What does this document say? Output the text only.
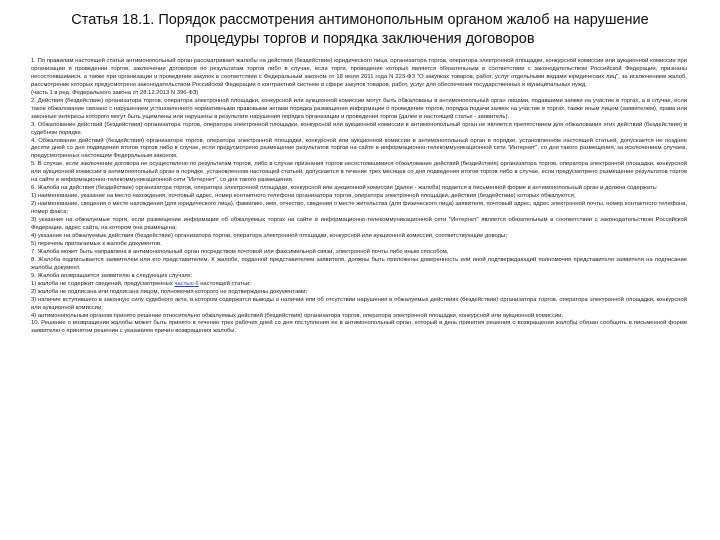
Статья 18.1. Порядок рассмотрения антимонопольным органом жалоб на нарушение процедуры торгов и порядка заключения договоров

1. По правилам настоящей статьи антимонопольный орган рассматривает жалобы на действия (бездействие) юридического лица, организатора торгов, оператора электронной площадки, конкурсной комиссии или аукционной комиссии при организации и проведении торгов, заключении договоров по результатам торгов либо в случае, если торги, проведение которых является обязательным в соответствии с законодательством Российской Федерации, признаны несостоявшимися, а также при организации и проведении закупок в соответствии с Федеральным законом от 18 июля 2011 года N 223-ФЗ "О закупках товаров, работ, услуг отдельными видами юридических лиц", за исключением жалоб, рассмотрение которых предусмотрено законодательством Российской Федерации о контрактной системе в сфере закупок товаров, работ, услуг для обеспечения государственных и муниципальных нужд.

(часть 1 в ред. Федерального закона от 28.12.2013 N 396-ФЗ)

2. Действия (бездействие) организатора торгов, оператора электронной площадки, конкурсной или аукционной комиссии могут быть обжалованы в антимонопольный орган лицами, подавшими заявки на участие в торгах, а в случае, если такое обжалование связано с нарушением установленного нормативными правовыми актами порядка размещения информации о проведении торгов, порядка подачи заявок на участие в торгах, также иным лицом (заявителем), права или законные интересы которого могут быть ущемлены или нарушены в результате нарушения порядка организации и проведения торгов (далее в настоящей статье - заявитель).

3. Обжалование действий (бездействия) организатора торгов, оператора электронной площадки, конкурсной или аукционной комиссии в антимонопольный орган не является препятствием для обжалования этих действий (бездействия) в судебном порядке.

4. Обжалование действий (бездействия) организатора торгов, оператора электронной площадки, конкурсной или аукционной комиссии в антимонопольный орган в порядке, установленном настоящей статьей, допускается не позднее десяти дней со дня подведения итогов торгов либо в случае, если предусмотрено размещение результатов торгов на сайте в информационно-телекоммуникационной сети "Интернет", со дня такого размещения, за исключением случаев, предусмотренных настоящим Федеральным законом.

5. В случае, если заключение договора не осуществлено по результатам торгов, либо в случае признания торгов несостоявшимися обжалование действий (бездействия) организатора торгов, оператора электронной площадки, конкурсной или аукционной комиссии в антимонопольный орган в порядке, установленном настоящей статьей, допускается в течение трех месяцев со дня подведения итогов торгов либо в случае, если предусмотрено размещение результатов торгов на сайте в информационно-телекоммуникационной сети "Интернет", со дня такого размещения.

6. Жалоба на действия (бездействие) организатора торгов, оператора электронной площадки, конкурсной или аукционной комиссии (далее - жалоба) подается в письменной форме в антимонопольный орган и должна содержать:

1) наименование, указание на место нахождения, почтовый адрес, номер контактного телефона организатора торгов, оператора электронной площадки, действия (бездействие) которых обжалуются;

2) наименование, сведения о месте нахождения (для юридического лица), фамилию, имя, отчество, сведения о месте жительства (для физического лица) заявителя, почтовый адрес, адрес электронной почты, номер контактного телефона, номер факса;

3) указание на обжалуемые торги, если размещение информации об обжалуемых торгах на сайте в информационно-телекоммуникационной сети "Интернет" является обязательным в соответствии с законодательством Российской Федерации, адрес сайта, на котором она размещена;

4) указание на обжалуемые действия (бездействие) организатора торгов, оператора электронной площадки, конкурсной или аукционной комиссии, соответствующие доводы;

5) перечень прилагаемых к жалобе документов.

7. Жалоба может быть направлена в антимонопольный орган посредством почтовой или факсимильной связи, электронной почты либо иным способом.

8. Жалоба подписывается заявителем или его представителем. К жалобе, поданной представителем заявителя, должны быть приложены доверенность или иной подтверждающий полномочия представителя заявителя на подписание жалобы документ.

9. Жалоба возвращается заявителю в следующих случаях:

1) жалоба не содержит сведений, предусмотренных частью 6 настоящей статьи;

2) жалоба не подписана или подписана лицом, полномочия которого не подтверждены документами;

3) наличие вступившего в законную силу судебного акта, в котором содержатся выводы о наличии или об отсутствии нарушения в обжалуемых действиях (бездействии) организатора торгов, оператора электронной площадки, конкурсной или аукционной комиссии;

4) антимонопольным органом принято решение относительно обжалуемых действий (бездействия) организатора торгов, оператора электронной площадки, конкурсной или аукционной комиссии.

10. Решение о возвращении жалобы может быть принято в течение трех рабочих дней со дня поступления ее в антимонопольный орган, который в день принятия решения о возвращении жалобы обязан сообщить в письменной форме заявителю о принятом решении с указанием причин возвращения жалобы.
